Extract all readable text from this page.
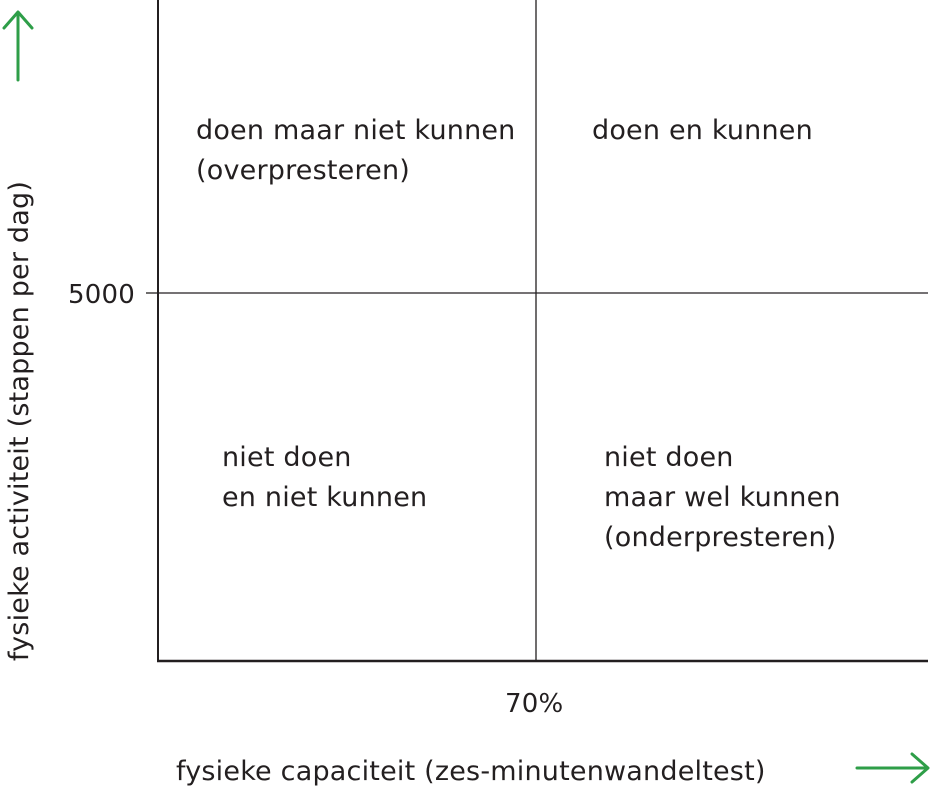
fysieke activiteit (stappen per dag) 5000
70%
fysieke capaciteit (zes-minutenwandeltest)
doen maar niet kunnen
(overpresteren)
doen en kunnen
niet doen
en niet kunnen
niet doen
maar wel kunnen
(onderpresteren)
